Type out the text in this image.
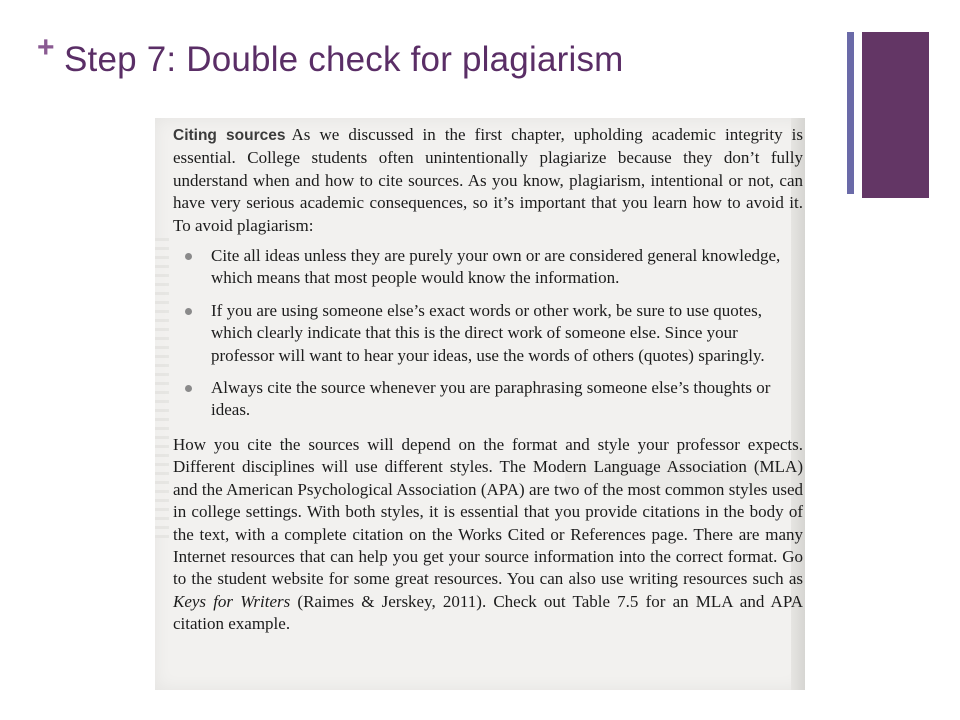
+ Step 7: Double check for plagiarism

Citing sources As we discussed in the first chapter, upholding academic integrity is essential. College students often unintentionally plagiarize because they don’t fully understand when and how to cite sources. As you know, plagiarism, intentional or not, can have very serious academic consequences, so it’s important that you learn how to avoid it. To avoid plagiarism:

Cite all ideas unless they are purely your own or are considered general knowledge, which means that most people would know the information.
If you are using someone else’s exact words or other work, be sure to use quotes, which clearly indicate that this is the direct work of someone else. Since your professor will want to hear your ideas, use the words of others (quotes) sparingly.
Always cite the source whenever you are paraphrasing someone else’s thoughts or ideas.

How you cite the sources will depend on the format and style your professor expects. Different disciplines will use different styles. The Modern Language Association (MLA) and the American Psychological Association (APA) are two of the most common styles used in college settings. With both styles, it is essential that you provide citations in the body of the text, with a complete citation on the Works Cited or References page. There are many Internet resources that can help you get your source information into the correct format. Go to the student website for some great resources. You can also use writing resources such as Keys for Writers (Raimes & Jerskey, 2011). Check out Table 7.5 for an MLA and APA citation example.
